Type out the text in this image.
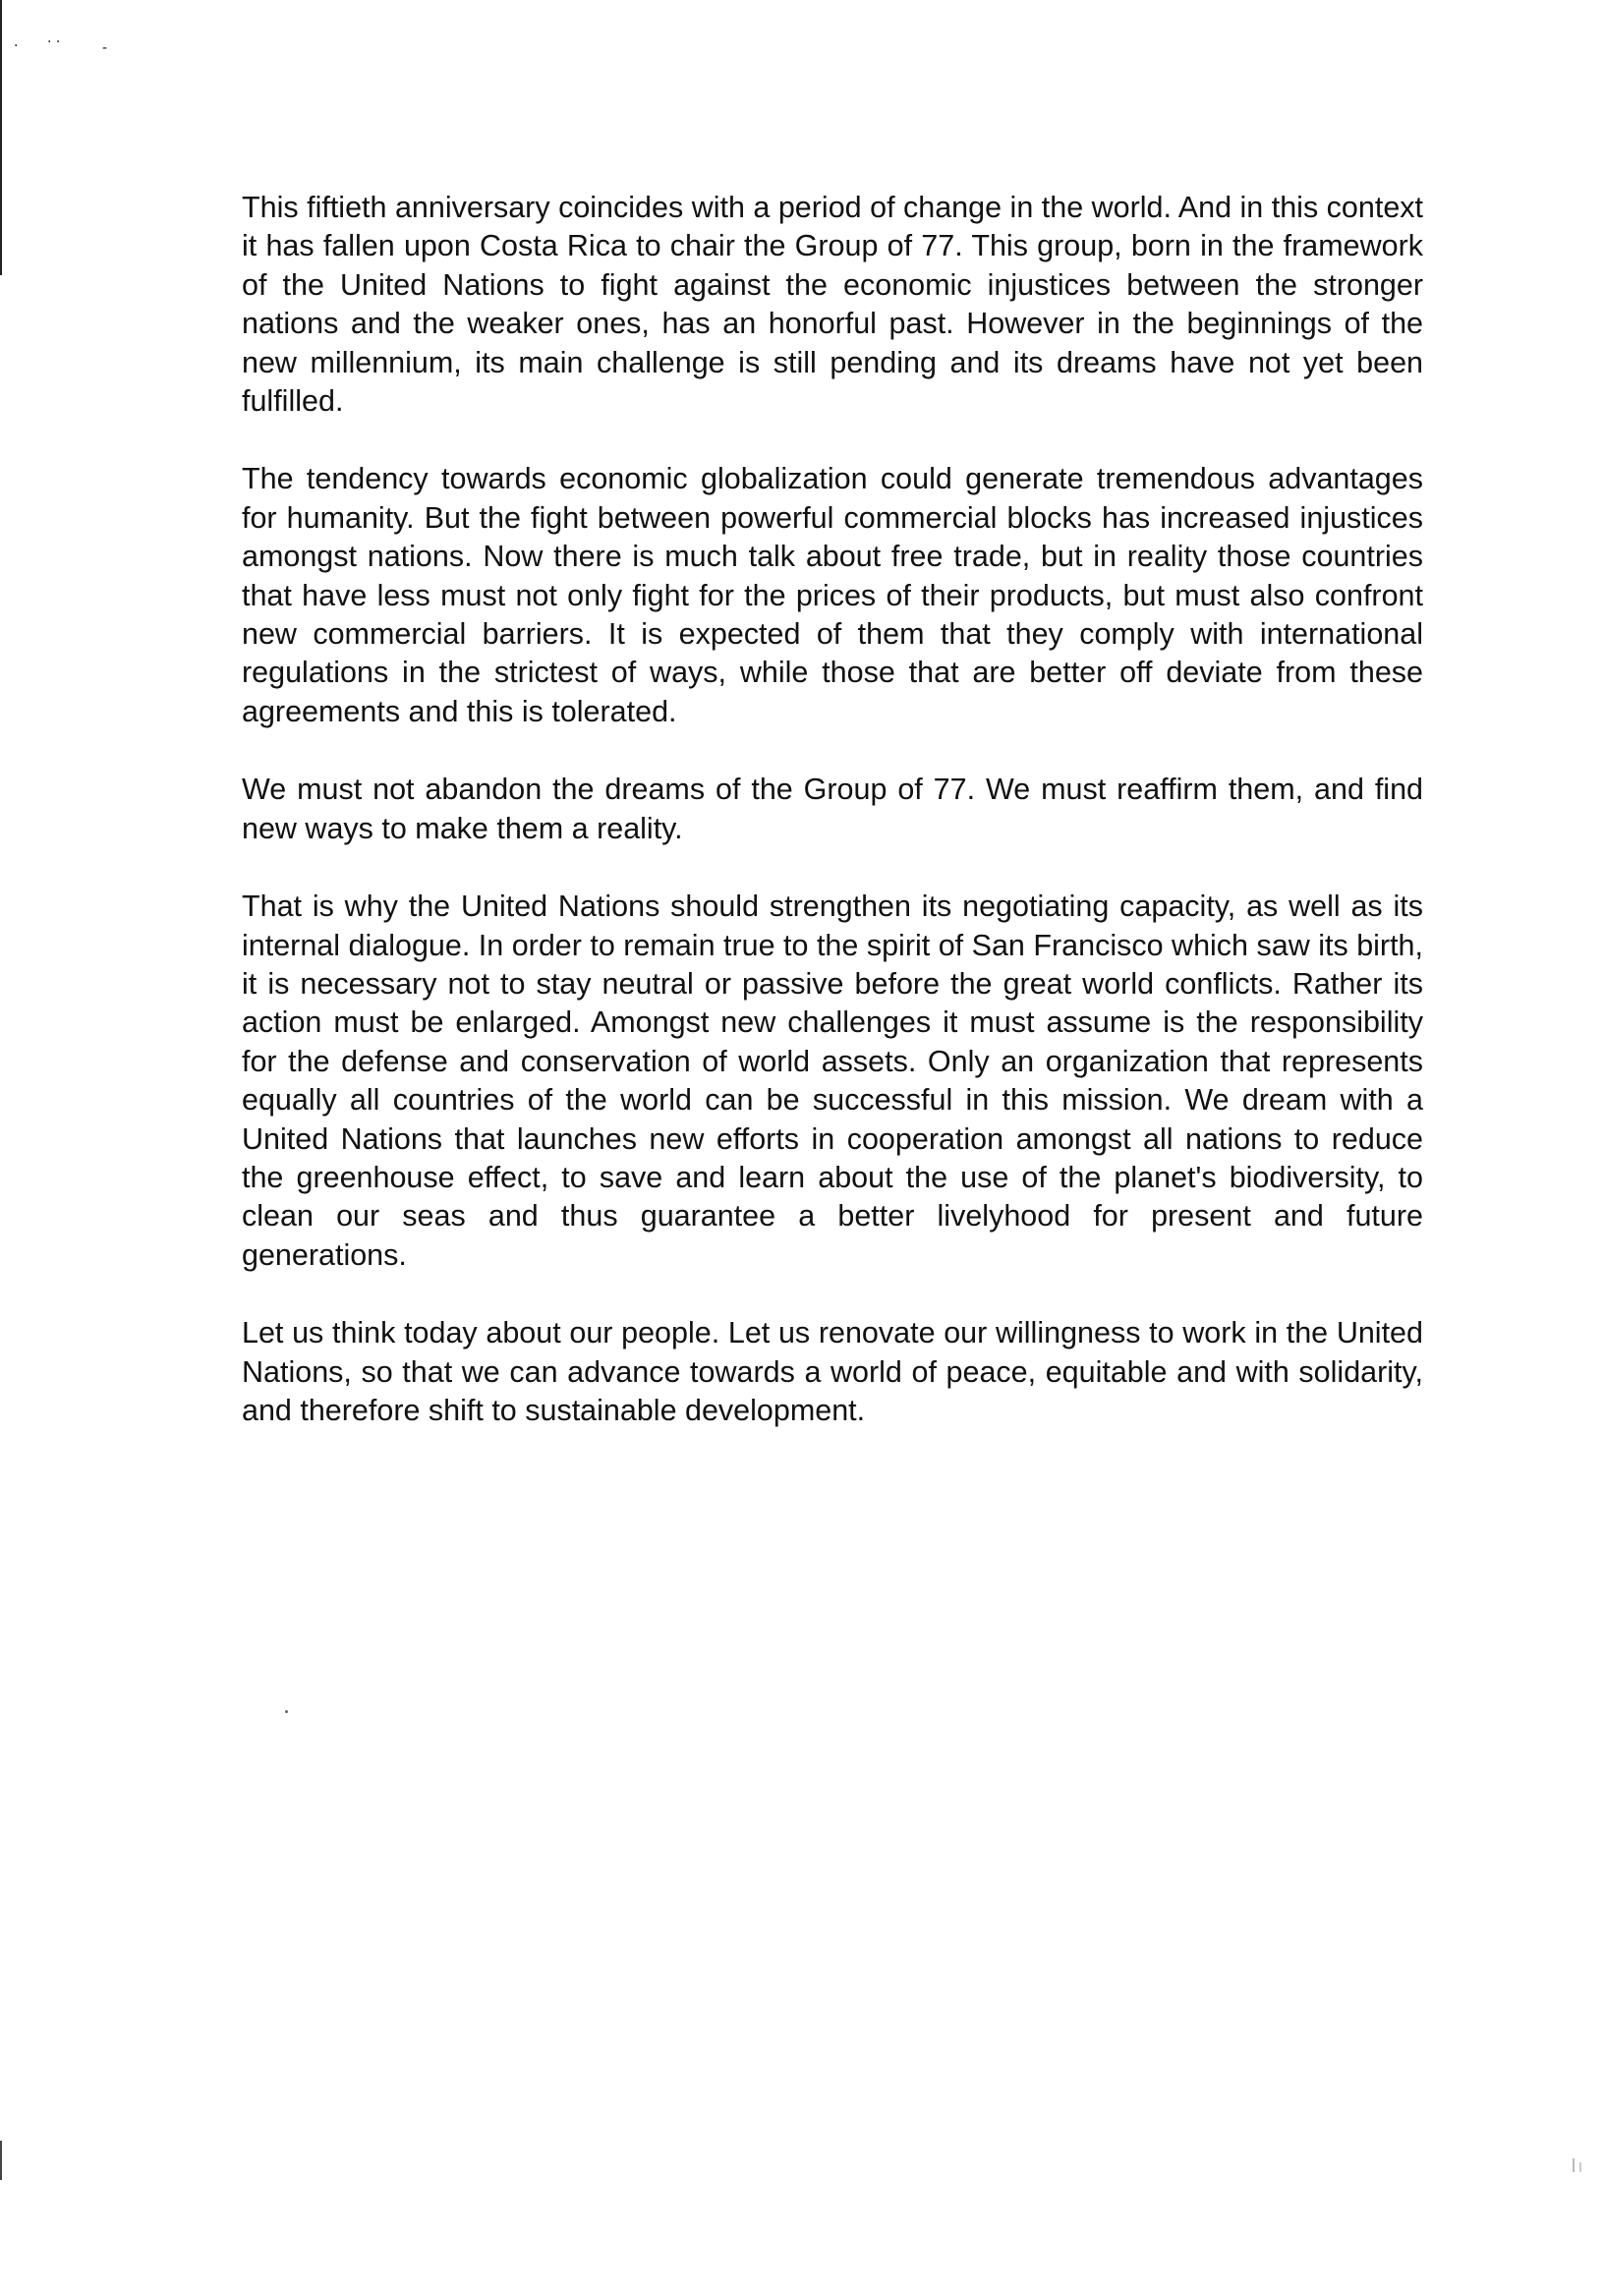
· · ·	-

This fiftieth anniversary coincides with a period of change in the world. And in this context it has fallen upon Costa Rica to chair the Group of 77. This group, born in the framework of the United Nations to fight against the economic injustices between the stronger nations and the weaker ones, has an honorful past. However in the beginnings of the new millennium, its main challenge is still pending and its dreams have not yet been fulfilled.

The tendency towards economic globalization could generate tremendous advantages for humanity. But the fight between powerful commercial blocks has increased injustices amongst nations. Now there is much talk about free trade, but in reality those countries that have less must not only fight for the prices of their products, but must also confront new commercial barriers. It is expected of them that they comply with international regulations in the strictest of ways, while those that are better off deviate from these agreements and this is tolerated.

We must not abandon the dreams of the Group of 77. We must reaffirm them, and find new ways to make them a reality.

That is why the United Nations should strengthen its negotiating capacity, as well as its internal dialogue. In order to remain true to the spirit of San Francisco which saw its birth, it is necessary not to stay neutral or passive before the great world conflicts. Rather its action must be enlarged. Amongst new challenges it must assume is the responsibility for the defense and conservation of world assets. Only an organization that represents equally all countries of the world can be successful in this mission. We dream with a United Nations that launches new efforts in cooperation amongst all nations to reduce the greenhouse effect, to save and learn about the use of the planet's biodiversity, to clean our seas and thus guarantee a better livelyhood for present and future generations.

Let us think today about our people. Let us renovate our willingness to work in the United Nations, so that we can advance towards a world of peace, equitable and with solidarity, and therefore shift to sustainable development.
